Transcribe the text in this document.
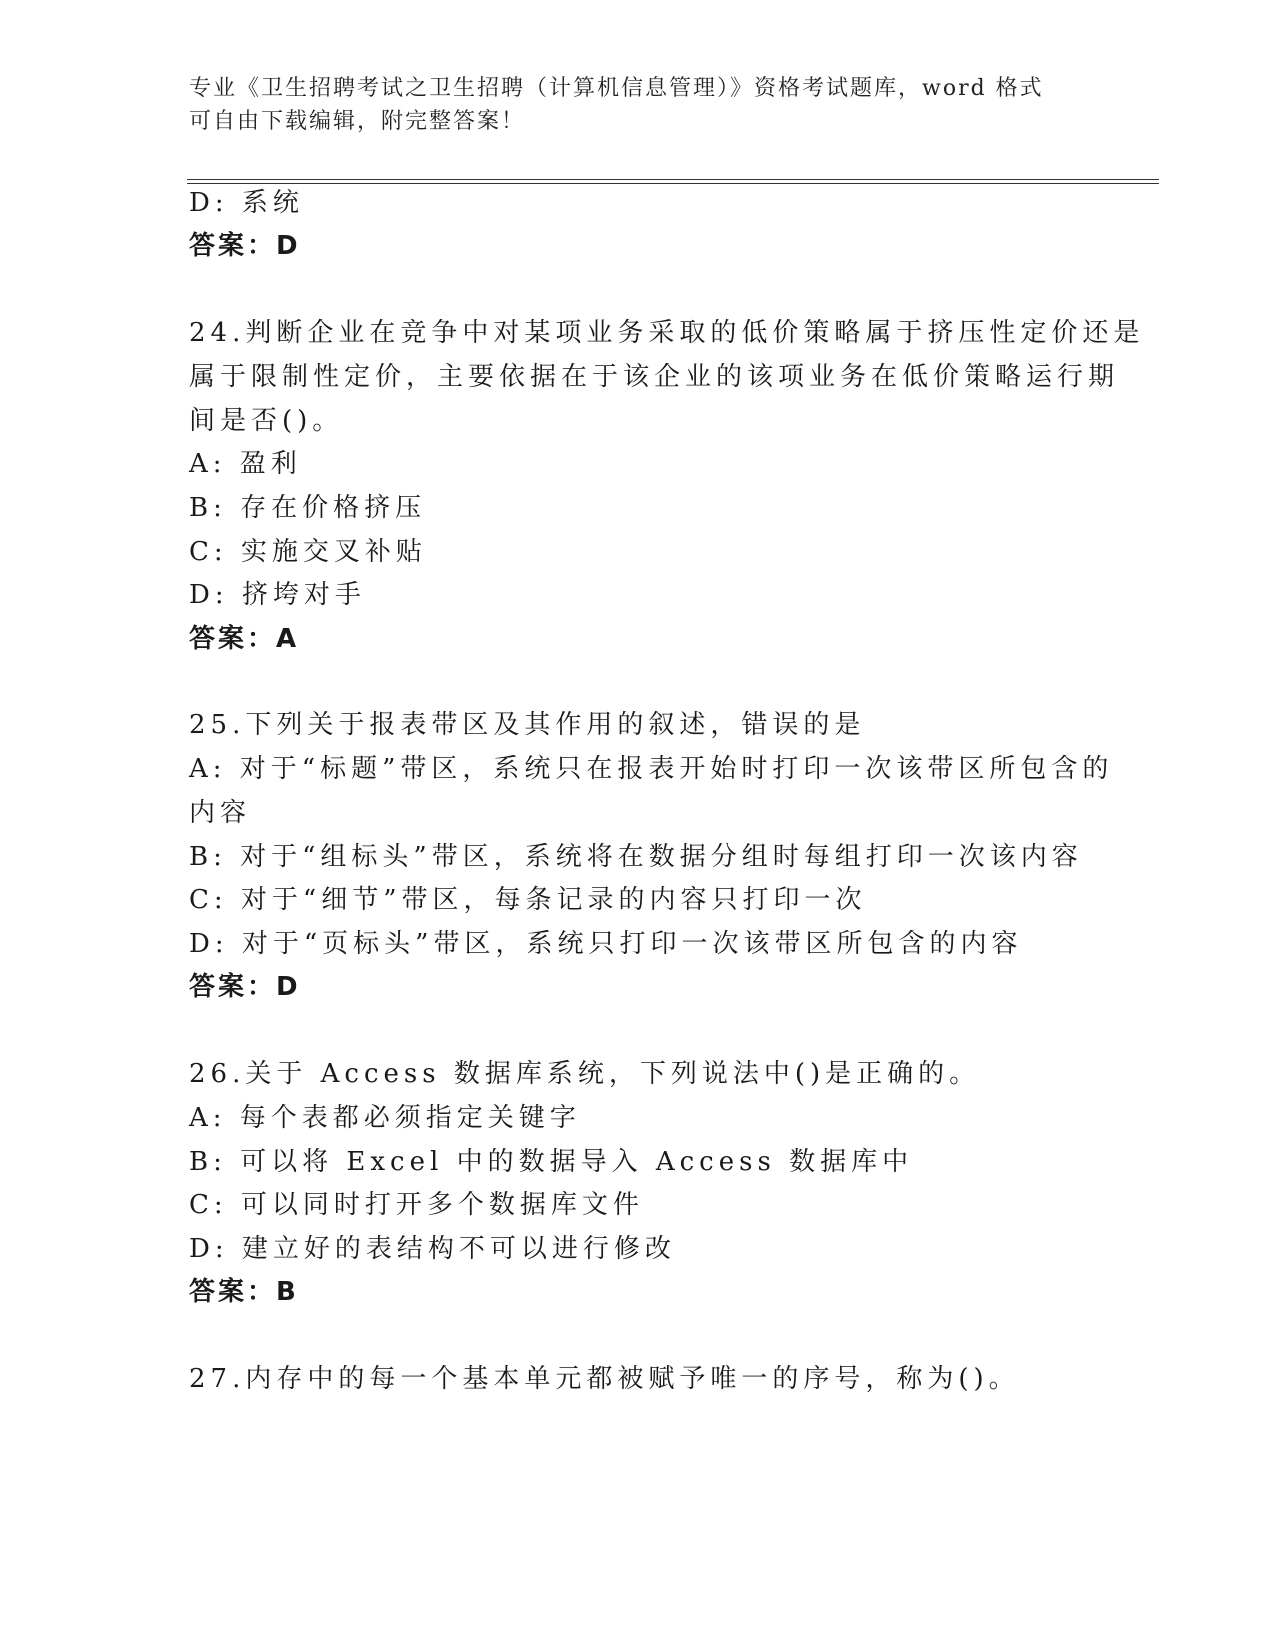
专业《卫生招聘考试之卫生招聘（计算机信息管理）》资格考试题库，word 格式
可自由下载编辑，附完整答案！
D: 系统
答案：D
24.判断企业在竞争中对某项业务采取的低价策略属于挤压性定价还是
属于限制性定价，主要依据在于该企业的该项业务在低价策略运行期
间是否()。
A: 盈利
B: 存在价格挤压
C: 实施交叉补贴
D: 挤垮对手
答案：A
25.下列关于报表带区及其作用的叙述，错误的是
A: 对于“标题”带区，系统只在报表开始时打印一次该带区所包含的
内容
B: 对于“组标头”带区，系统将在数据分组时每组打印一次该内容
C: 对于“细节”带区，每条记录的内容只打印一次
D: 对于“页标头”带区，系统只打印一次该带区所包含的内容
答案：D
26.关于 Access 数据库系统，下列说法中()是正确的。
A: 每个表都必须指定关键字
B: 可以将 Excel 中的数据导入 Access 数据库中
C: 可以同时打开多个数据库文件
D: 建立好的表结构不可以进行修改
答案：B
27.内存中的每一个基本单元都被赋予唯一的序号，称为()。
